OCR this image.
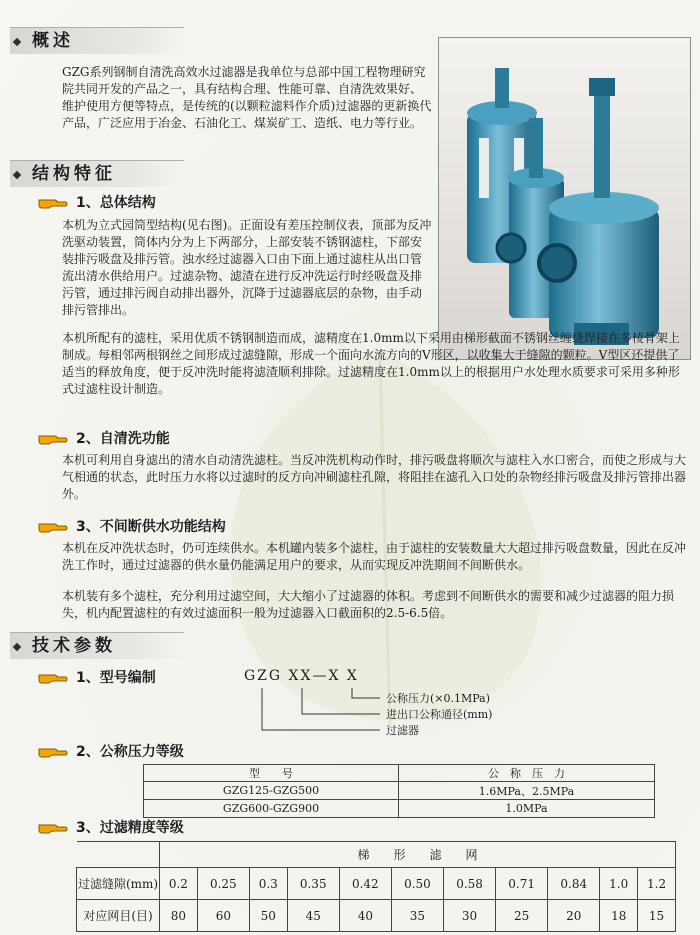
概述

GZG系列钢制自清洗高效水过滤器是我单位与总部中国工程物理研究院共同开发的产品之一，具有结构合理、性能可靠、自清洗效果好、维护使用方便等特点，是传统的(以颗粒滤料作介质)过滤器的更新换代产品，广泛应用于冶金、石油化工、煤炭矿工、造纸、电力等行业。

结构特征
1、总体结构

本机为立式园筒型结构(见右图)。正面设有差压控制仪表，顶部为反冲洗驱动装置，筒体内分为上下两部分，上部安装不锈钢滤柱，下部安装排污吸盘及排污管。浊水经过滤器入口由下面上通过滤柱从出口管流出清水供给用户。过滤杂物、滤渣在进行反冲洗运行时经吸盘及排污管，通过排污阀自动排出器外，沉降于过滤器底层的杂物，由手动排污管排出。

本机所配有的滤柱，采用优质不锈钢制造而成，滤精度在1.0mm以下采用由梯形截面不锈钢丝缠绕焊接在多棱骨架上制成。每相邻两根钢丝之间形成过滤缝隙，形成一个面向水流方向的V形区，以收集大于缝隙的颗粒。V型区还提供了适当的释放角度，便于反冲洗时能将滤渣顺利排除。过滤精度在1.0mm以上的根据用户水处理水质要求可采用多种形式过滤柱设计制造。

2、自清洗功能

本机可利用自身滤出的清水自动清洗滤柱。当反冲洗机构动作时，排污吸盘将顺次与滤柱入水口密合，而使之形成与大气相通的状态，此时压力水将以过滤时的反方向冲刷滤柱孔隙，将阻挂在滤孔入口处的杂物经排污吸盘及排污管排出器外。

3、不间断供水功能结构

本机在反冲洗状态时，仍可连续供水。本机罐内装多个滤柱，由于滤柱的安装数量大大超过排污吸盘数量，因此在反冲洗工作时，通过过滤器的供水量仍能满足用户的要求，从而实现反冲洗期间不间断供水。

本机装有多个滤柱，充分利用过滤空间，大大缩小了过滤器的体积。考虑到不间断供水的需要和减少过滤器的阻力损失，机内配置滤柱的有效过滤面积一般为过滤器入口截面积的2.5-6.5倍。

技术参数
1、型号编制	GZG XX—X X
公称压力(×0.1MPa)
进出口公称通径(mm)
过滤器
2、公称压力等级
型　　号	公　称　压　力
GZG125-GZG500	1.6MPa、2.5MPa
GZG600-GZG900	1.0MPa
3、过滤精度等级
	梯　　形　　滤　　网										
过滤缝隙(mm)	0.2	0.25	0.3	0.35	0.42	0.50	0.58	0.71	0.84	1.0	1.2
对应网目(目)	80	60	50	45	40	35	30	25	20	18	15
